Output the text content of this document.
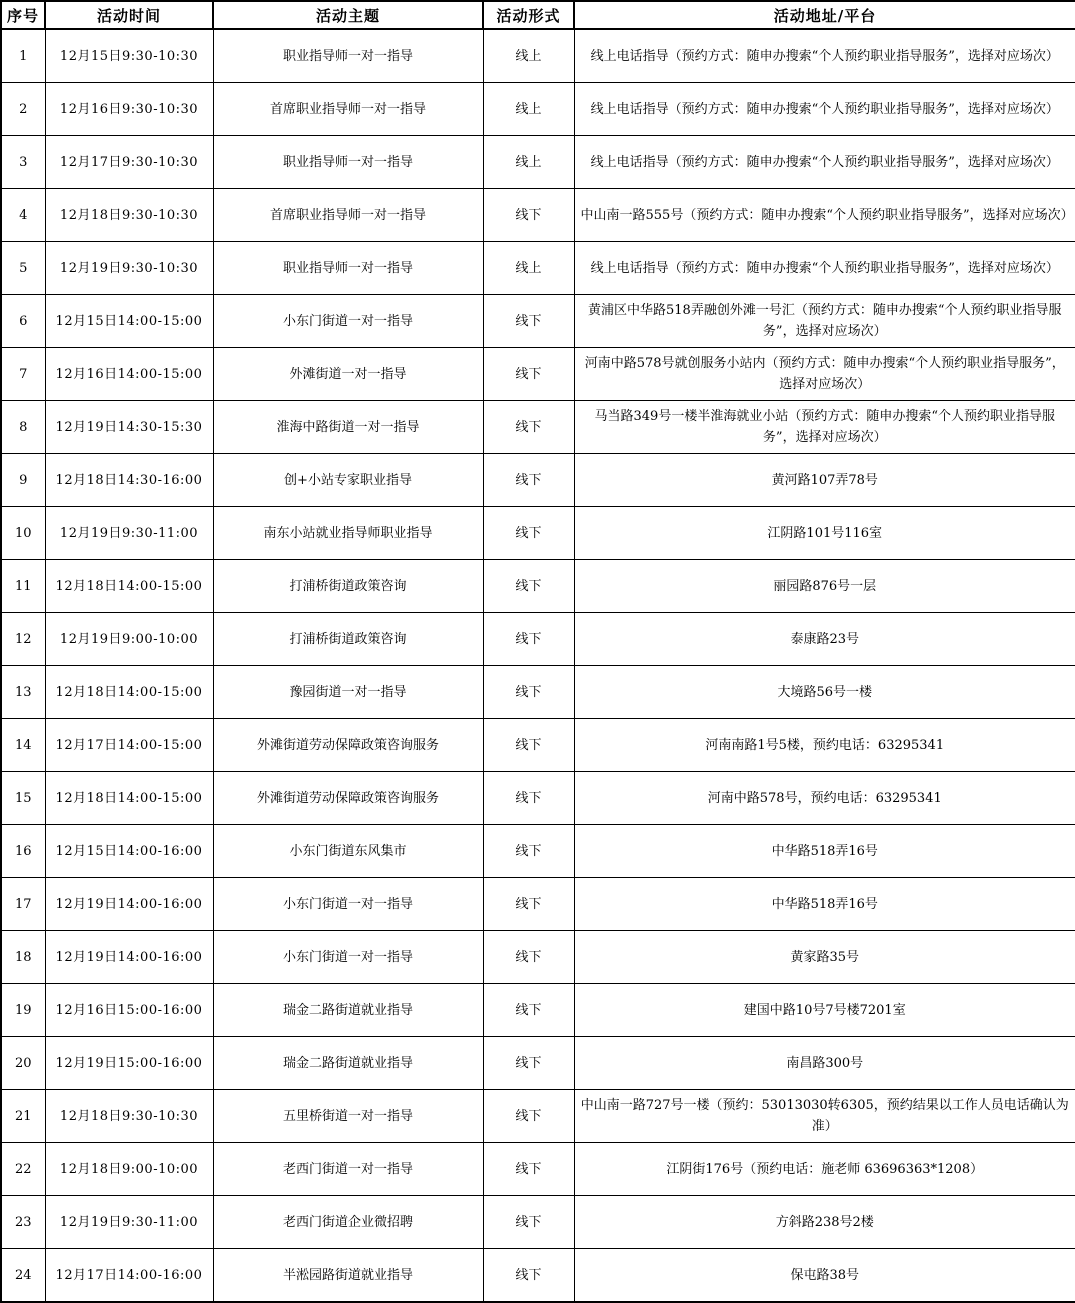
序号	活动时间	活动主题	活动形式	活动地址/平台
1	12月15日9:30-10:30	职业指导师一对一指导	线上	线上电话指导（预约方式：随申办搜索“个人预约职业指导服务”，选择对应场次）
2	12月16日9:30-10:30	首席职业指导师一对一指导	线上	线上电话指导（预约方式：随申办搜索“个人预约职业指导服务”，选择对应场次）
3	12月17日9:30-10:30	职业指导师一对一指导	线上	线上电话指导（预约方式：随申办搜索“个人预约职业指导服务”，选择对应场次）
4	12月18日9:30-10:30	首席职业指导师一对一指导	线下	中山南一路555号（预约方式：随申办搜索“个人预约职业指导服务”，选择对应场次）
5	12月19日9:30-10:30	职业指导师一对一指导	线上	线上电话指导（预约方式：随申办搜索“个人预约职业指导服务”，选择对应场次）
6	12月15日14:00-15:00	小东门街道一对一指导	线下	黄浦区中华路518弄融创外滩一号汇（预约方式：随申办搜索“个人预约职业指导服务”，选择对应场次）
7	12月16日14:00-15:00	外滩街道一对一指导	线下	河南中路578号就创服务小站内（预约方式：随申办搜索“个人预约职业指导服务”，选择对应场次）
8	12月19日14:30-15:30	淮海中路街道一对一指导	线下	马当路349号一楼半淮海就业小站（预约方式：随申办搜索“个人预约职业指导服务”，选择对应场次）
9	12月18日14:30-16:00	创+小站专家职业指导	线下	黄河路107弄78号
10	12月19日9:30-11:00	南东小站就业指导师职业指导	线下	江阴路101号116室
11	12月18日14:00-15:00	打浦桥街道政策咨询	线下	丽园路876号一层
12	12月19日9:00-10:00	打浦桥街道政策咨询	线下	泰康路23号
13	12月18日14:00-15:00	豫园街道一对一指导	线下	大境路56号一楼
14	12月17日14:00-15:00	外滩街道劳动保障政策咨询服务	线下	河南南路1号5楼，预约电话：63295341
15	12月18日14:00-15:00	外滩街道劳动保障政策咨询服务	线下	河南中路578号，预约电话：63295341
16	12月15日14:00-16:00	小东门街道东风集市	线下	中华路518弄16号
17	12月19日14:00-16:00	小东门街道一对一指导	线下	中华路518弄16号
18	12月19日14:00-16:00	小东门街道一对一指导	线下	黄家路35号
19	12月16日15:00-16:00	瑞金二路街道就业指导	线下	建国中路10号7号楼7201室
20	12月19日15:00-16:00	瑞金二路街道就业指导	线下	南昌路300号
21	12月18日9:30-10:30	五里桥街道一对一指导	线下	中山南一路727号一楼（预约：53013030转6305，预约结果以工作人员电话确认为准）
22	12月18日9:00-10:00	老西门街道一对一指导	线下	江阴街176号（预约电话：施老师 63696363*1208）
23	12月19日9:30-11:00	老西门街道企业微招聘	线下	方斜路238号2楼
24	12月17日14:00-16:00	半淞园路街道就业指导	线下	保屯路38号
